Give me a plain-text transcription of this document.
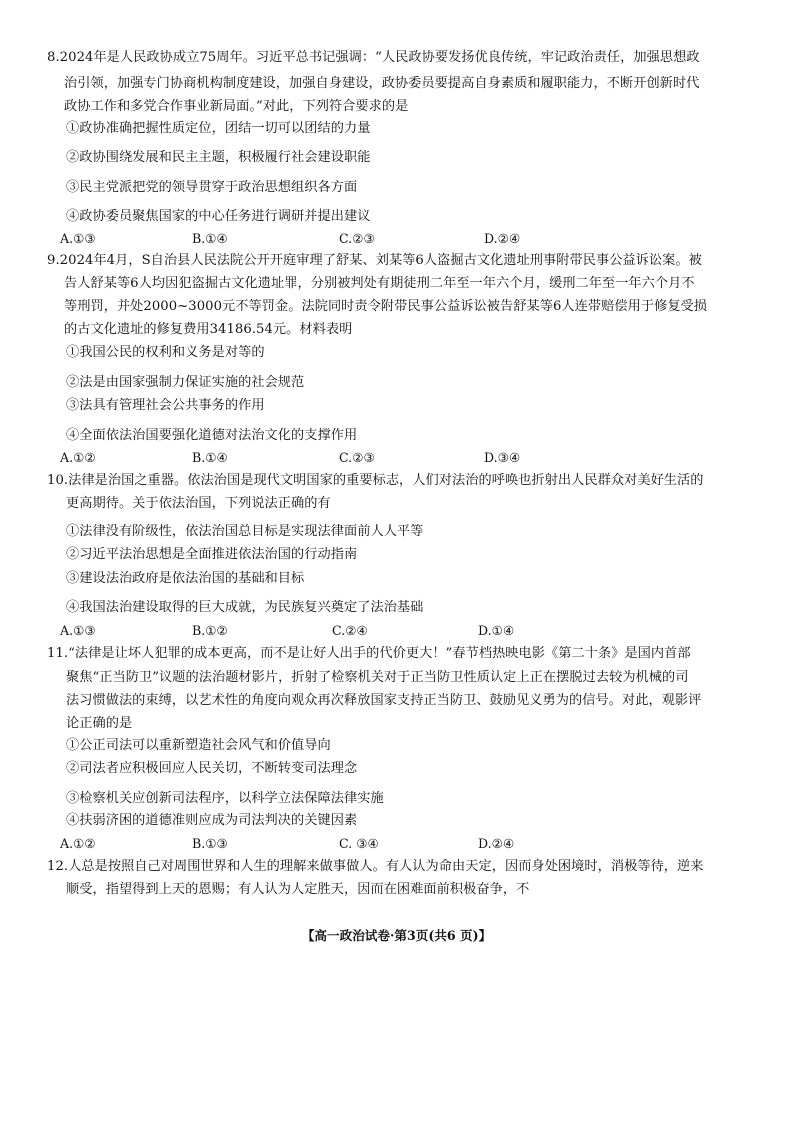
8.2024年是人民政协成立75周年。习近平总书记强调：“人民政协要发扬优良传统，牢记政治责任，加强思想政
治引领，加强专门协商机构制度建设，加强自身建设，政协委员要提高自身素质和履职能力，不断开创新时代
政协工作和多党合作事业新局面。”对此，下列符合要求的是
①政协准确把握性质定位，团结一切可以团结的力量
②政协围绕发展和民主主题，积极履行社会建设职能
③民主党派把党的领导贯穿于政治思想组织各方面
④政协委员聚焦国家的中心任务进行调研并提出建议
A.①③	B.①④	C.②③	D.②④
9.2024年4月，S自治县人民法院公开开庭审理了舒某、刘某等6人盗掘古文化遗址刑事附带民事公益诉讼案。被
告人舒某等6人均因犯盗掘古文化遗址罪，分别被判处有期徒刑二年至一年六个月，缓刑二年至一年六个月不
等刑罚，并处2000~3000元不等罚金。法院同时责令附带民事公益诉讼被告舒某等6人连带赔偿用于修复受损
的古文化遗址的修复费用34186.54元。材料表明
①我国公民的权利和义务是对等的
②法是由国家强制力保证实施的社会规范
③法具有管理社会公共事务的作用
④全面依法治国要强化道德对法治文化的支撑作用
A.①②	B.①④	C.②③	D.③④
10.法律是治国之重器。依法治国是现代文明国家的重要标志，人们对法治的呼唤也折射出人民群众对美好生活的
更高期待。关于依法治国，下列说法正确的有
①法律没有阶级性，依法治国总目标是实现法律面前人人平等
②习近平法治思想是全面推进依法治国的行动指南
③建设法治政府是依法治国的基础和目标
④我国法治建设取得的巨大成就，为民族复兴奠定了法治基础
A.①③	B.①②	C.②④	D.①④
11.“法律是让坏人犯罪的成本更高，而不是让好人出手的代价更大！”春节档热映电影《第二十条》是国内首部
聚焦“正当防卫”议题的法治题材影片，折射了检察机关对于正当防卫性质认定上正在摆脱过去较为机械的司
法习惯做法的束缚，以艺术性的角度向观众再次释放国家支持正当防卫、鼓励见义勇为的信号。对此，观影评
论正确的是
①公正司法可以重新塑造社会风气和价值导向
②司法者应积极回应人民关切，不断转变司法理念
③检察机关应创新司法程序，以科学立法保障法律实施
④扶弱济困的道德准则应成为司法判决的关键因素
A.①②	B.①③	C. ③④	D.②④
12.人总是按照自己对周围世界和人生的理解来做事做人。有人认为命由天定，因而身处困境时，消极等待，逆来
顺受，指望得到上天的恩赐；有人认为人定胜天，因而在困难面前积极奋争，不
【高一政治试卷·第3页(共6 页)】
